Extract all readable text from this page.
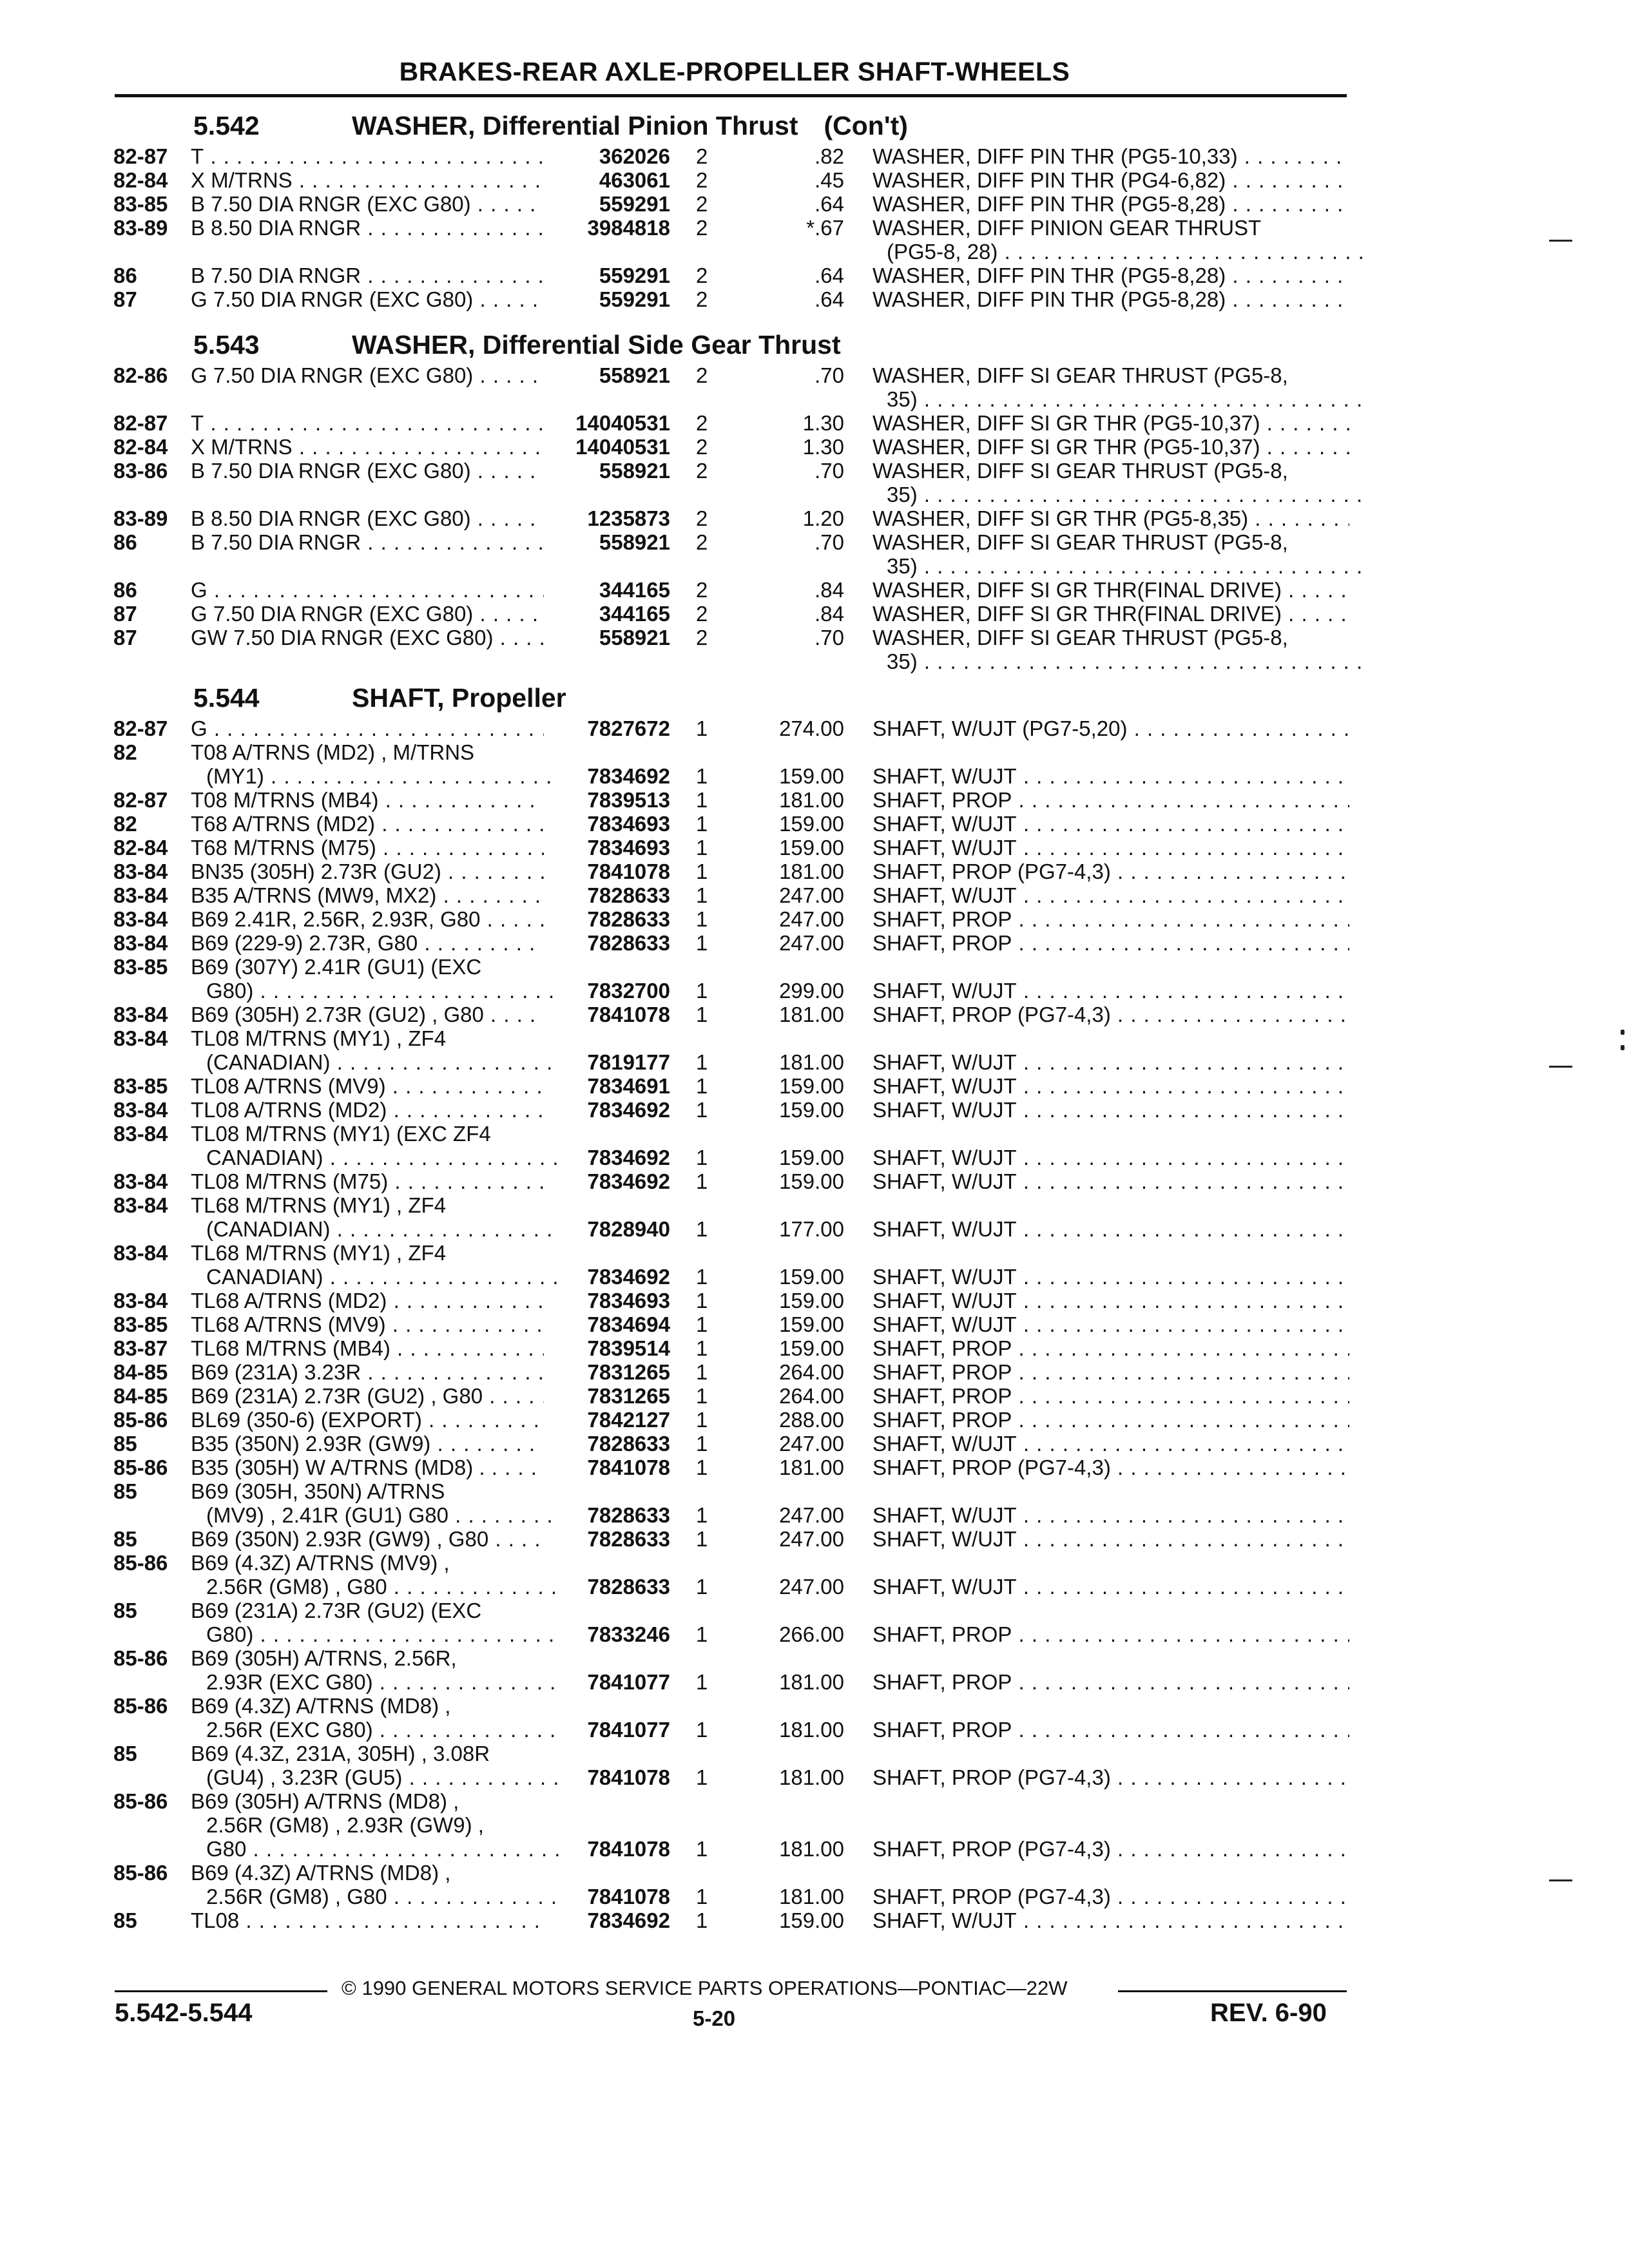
BRAKES-REAR AXLE-PROPELLER SHAFT-WHEELS
5.542	WASHER, Differential Pinion Thrust (Con't)
82-87 T . . .	362026 2	.82 WASHER, DIFF PIN THR (PG5-10,33) . . .
82-84 X M/TRNS . . .	463061 2	.45 WASHER, DIFF PIN THR (PG4-6,82) . . .
83-85 B 7.50 DIA RNGR (EXC G80) . . .	559291 2	.64 WASHER, DIFF PIN THR (PG5-8,28) . . .
83-89 B 8.50 DIA RNGR . . .	3984818 2	*.67 WASHER, DIFF PINION GEAR THRUST
(PG5-8, 28) . . .
86	B 7.50 DIA RNGR . . .	559291 2	.64 WASHER, DIFF PIN THR (PG5-8,28) . . .
87	G 7.50 DIA RNGR (EXC G80) . . .	559291 2	.64 WASHER, DIFF PIN THR (PG5-8,28) . . .
5.543	WASHER, Differential Side Gear Thrust
82-86 G 7.50 DIA RNGR (EXC G80) . . .	558921 2	.70 WASHER, DIFF SI GEAR THRUST (PG5-8,
35) . . .
82-87 T . . .	14040531 2	1.30 WASHER, DIFF SI GR THR (PG5-10,37) . . .
82-84 X M/TRNS . . .	14040531 2	1.30 WASHER, DIFF SI GR THR (PG5-10,37) . . .
83-86 B 7.50 DIA RNGR (EXC G80) . . .	558921 2	.70 WASHER, DIFF SI GEAR THRUST (PG5-8,
35) . . .
83-89 B 8.50 DIA RNGR (EXC G80) . . .	1235873 2	1.20 WASHER, DIFF SI GR THR (PG5-8,35) . . .
86	B 7.50 DIA RNGR . . .	558921 2	.70 WASHER, DIFF SI GEAR THRUST (PG5-8,
35) . . .
86	G . . .	344165 2	.84 WASHER, DIFF SI GR THR(FINAL DRIVE) . . .
87	G 7.50 DIA RNGR (EXC G80) . . .	344165 2	.84 WASHER, DIFF SI GR THR(FINAL DRIVE) . . .
87	GW 7.50 DIA RNGR (EXC G80) . . .	558921 2	.70 WASHER, DIFF SI GEAR THRUST (PG5-8,
35) . . .
5.544	SHAFT, Propeller
82-87 G . . .	7827672 1	274.00 SHAFT, W/UJT (PG7-5,20) . . .
82	T08 A/TRNS (MD2) , M/TRNS
(MY1) . . .	7834692 1	159.00 SHAFT, W/UJT . . .
82-87 T08 M/TRNS (MB4) . . .	7839513 1	181.00 SHAFT, PROP . . .
82	T68 A/TRNS (MD2) . . .	7834693 1	159.00 SHAFT, W/UJT . . .
82-84 T68 M/TRNS (M75) . . .	7834693 1	159.00 SHAFT, W/UJT . . .
83-84 BN35 (305H) 2.73R (GU2) . . .	7841078 1	181.00 SHAFT, PROP (PG7-4,3) . . .
83-84 B35 A/TRNS (MW9, MX2) . . .	7828633 1	247.00 SHAFT, W/UJT . . .
83-84 B69 2.41R, 2.56R, 2.93R, G80 . . .	7828633 1	247.00 SHAFT, PROP . . .
83-84 B69 (229-9) 2.73R, G80 . . .	7828633 1	247.00 SHAFT, PROP . . .
83-85 B69 (307Y) 2.41R (GU1) (EXC
G80) . . .	7832700 1	299.00 SHAFT, W/UJT . . .
83-84 B69 (305H) 2.73R (GU2) , G80 . . .	7841078 1	181.00 SHAFT, PROP (PG7-4,3) . . .
83-84 TL08 M/TRNS (MY1) , ZF4
(CANADIAN) . . .	7819177 1	181.00 SHAFT, W/UJT . . .
83-85 TL08 A/TRNS (MV9) . . .	7834691 1	159.00 SHAFT, W/UJT . . .
83-84 TL08 A/TRNS (MD2) . . .	7834692 1	159.00 SHAFT, W/UJT . . .
83-84 TL08 M/TRNS (MY1) (EXC ZF4
CANADIAN) . . .	7834692 1	159.00 SHAFT, W/UJT . . .
83-84 TL08 M/TRNS (M75) . . .	7834692 1	159.00 SHAFT, W/UJT . . .
83-84 TL68 M/TRNS (MY1) , ZF4
(CANADIAN) . . .	7828940 1	177.00 SHAFT, W/UJT . . .
83-84 TL68 M/TRNS (MY1) , ZF4
CANADIAN) . . .	7834692 1	159.00 SHAFT, W/UJT . . .
83-84 TL68 A/TRNS (MD2) . . .	7834693 1	159.00 SHAFT, W/UJT . . .
83-85 TL68 A/TRNS (MV9) . . .	7834694 1	159.00 SHAFT, W/UJT . . .
83-87 TL68 M/TRNS (MB4) . . .	7839514 1	159.00 SHAFT, PROP . . .
84-85 B69 (231A) 3.23R . . .	7831265 1	264.00 SHAFT, PROP . . .
84-85 B69 (231A) 2.73R (GU2) , G80 . . .	7831265 1	264.00 SHAFT, PROP . . .
85-86 BL69 (350-6) (EXPORT) . . .	7842127 1	288.00 SHAFT, PROP . . .
85	B35 (350N) 2.93R (GW9) . . .	7828633 1	247.00 SHAFT, W/UJT . . .
85-86 B35 (305H) W A/TRNS (MD8) . . . .	7841078 1	181.00 SHAFT, PROP (PG7-4,3) . . .
85	B69 (305H, 350N) A/TRNS
(MV9) , 2.41R (GU1) G80 . . .	7828633 1	247.00 SHAFT, W/UJT . . .
85	B69 (350N) 2.93R (GW9) , G80 . . .	7828633 1	247.00 SHAFT, W/UJT . . .
85-86 B69 (4.3Z) A/TRNS (MV9) ,
2.56R (GM8) , G80 . . .	7828633 1	247.00 SHAFT, W/UJT . . .
85	B69 (231A) 2.73R (GU2) (EXC
G80) . . .	7833246 1	266.00 SHAFT, PROP . . .
85-86 B69 (305H) A/TRNS, 2.56R,
2.93R (EXC G80) . . .	7841077 1	181.00 SHAFT, PROP . . .
85-86 B69 (4.3Z) A/TRNS (MD8) ,
2.56R (EXC G80) . . .	7841077 1	181.00 SHAFT, PROP . . .
85	B69 (4.3Z, 231A, 305H) , 3.08R
(GU4) , 3.23R (GU5) . . .	7841078 1	181.00 SHAFT, PROP (PG7-4,3) . . .
85-86 B69 (305H) A/TRNS (MD8) ,
2.56R (GM8) , 2.93R (GW9) ,
G80 . . .	7841078 1	181.00 SHAFT, PROP (PG7-4,3) . . .
85-86 B69 (4.3Z) A/TRNS (MD8) ,
2.56R (GM8) , G80 . . .	7841078 1	181.00 SHAFT, PROP (PG7-4,3) . . .
85	TL08 . . .	7834692 1	159.00 SHAFT, W/UJT . . .
© 1990 GENERAL MOTORS SERVICE PARTS OPERATIONS—PONTIAC—22W
5.542-5.544	5-20	REV. 6-90
